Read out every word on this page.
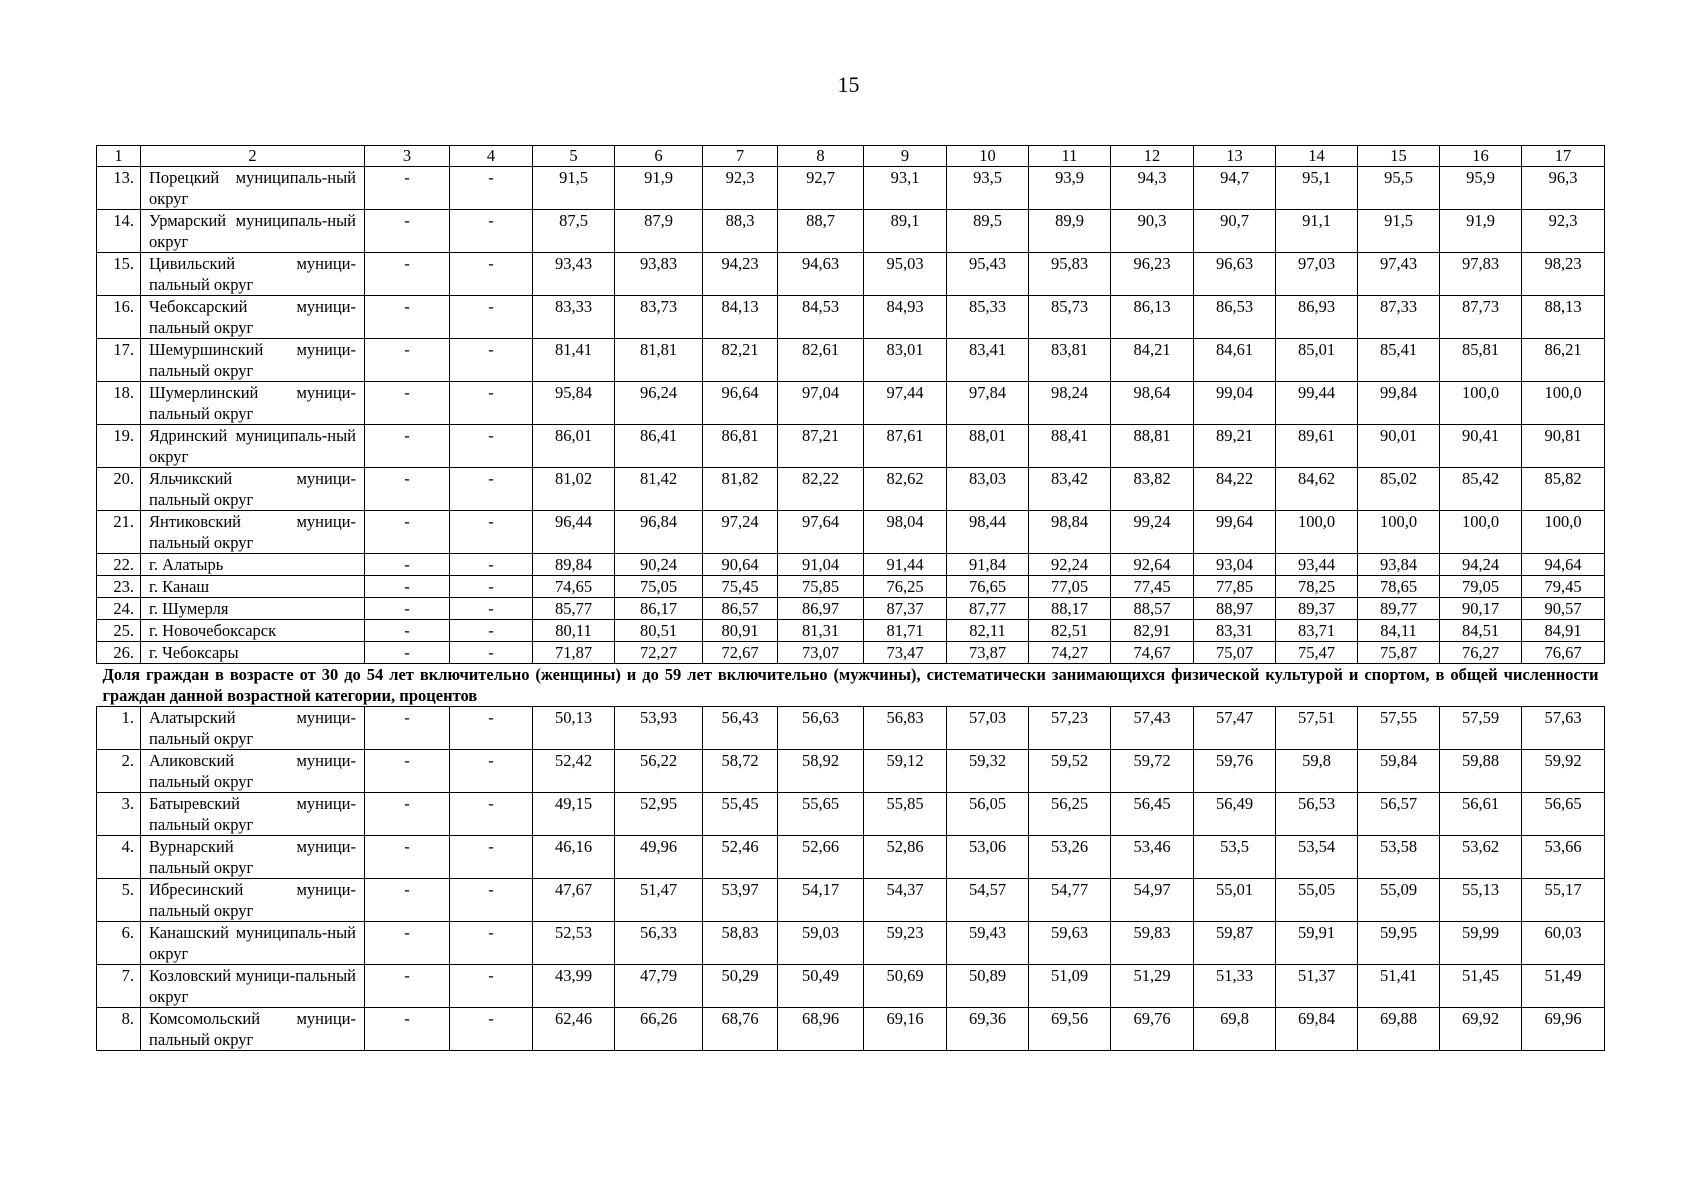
15
1	2	3	4	5	6	7	8	9	10	11	12	13	14	15	16	17
13.	Порецкий муниципаль-ный округ	-	-	91,5	91,9	92,3	92,7	93,1	93,5	93,9	94,3	94,7	95,1	95,5	95,9	96,3
14.	Урмарский муниципаль-ный округ	-	-	87,5	87,9	88,3	88,7	89,1	89,5	89,9	90,3	90,7	91,1	91,5	91,9	92,3
15.	Цивильский муници-пальный округ	-	-	93,43	93,83	94,23	94,63	95,03	95,43	95,83	96,23	96,63	97,03	97,43	97,83	98,23
16.	Чебоксарский муници-пальный округ	-	-	83,33	83,73	84,13	84,53	84,93	85,33	85,73	86,13	86,53	86,93	87,33	87,73	88,13
17.	Шемуршинский муници-пальный округ	-	-	81,41	81,81	82,21	82,61	83,01	83,41	83,81	84,21	84,61	85,01	85,41	85,81	86,21
18.	Шумерлинский муници-пальный округ	-	-	95,84	96,24	96,64	97,04	97,44	97,84	98,24	98,64	99,04	99,44	99,84	100,0	100,0
19.	Ядринский муниципаль-ный округ	-	-	86,01	86,41	86,81	87,21	87,61	88,01	88,41	88,81	89,21	89,61	90,01	90,41	90,81
20.	Яльчикский муници-пальный округ	-	-	81,02	81,42	81,82	82,22	82,62	83,03	83,42	83,82	84,22	84,62	85,02	85,42	85,82
21.	Янтиковский муници-пальный округ	-	-	96,44	96,84	97,24	97,64	98,04	98,44	98,84	99,24	99,64	100,0	100,0	100,0	100,0
22.	г. Алатырь	-	-	89,84	90,24	90,64	91,04	91,44	91,84	92,24	92,64	93,04	93,44	93,84	94,24	94,64
23.	г. Канаш	-	-	74,65	75,05	75,45	75,85	76,25	76,65	77,05	77,45	77,85	78,25	78,65	79,05	79,45
24.	г. Шумерля	-	-	85,77	86,17	86,57	86,97	87,37	87,77	88,17	88,57	88,97	89,37	89,77	90,17	90,57
25.	г. Новочебоксарск	-	-	80,11	80,51	80,91	81,31	81,71	82,11	82,51	82,91	83,31	83,71	84,11	84,51	84,91
26.	г. Чебоксары	-	-	71,87	72,27	72,67	73,07	73,47	73,87	74,27	74,67	75,07	75,47	75,87	76,27	76,67
Доля граждан в возрасте от 30 до 54 лет включительно (женщины) и до 59 лет включительно (мужчины), систематически занимающихся физической культурой и спортом, в общей численности граждан данной возрастной категории, процентов																
1.	Алатырский муници-пальный округ	-	-	50,13	53,93	56,43	56,63	56,83	57,03	57,23	57,43	57,47	57,51	57,55	57,59	57,63
2.	Аликовский муници-пальный округ	-	-	52,42	56,22	58,72	58,92	59,12	59,32	59,52	59,72	59,76	59,8	59,84	59,88	59,92
3.	Батыревский муници-пальный округ	-	-	49,15	52,95	55,45	55,65	55,85	56,05	56,25	56,45	56,49	56,53	56,57	56,61	56,65
4.	Вурнарский муници-пальный округ	-	-	46,16	49,96	52,46	52,66	52,86	53,06	53,26	53,46	53,5	53,54	53,58	53,62	53,66
5.	Ибресинский муници-пальный округ	-	-	47,67	51,47	53,97	54,17	54,37	54,57	54,77	54,97	55,01	55,05	55,09	55,13	55,17
6.	Канашский муниципаль-ный округ	-	-	52,53	56,33	58,83	59,03	59,23	59,43	59,63	59,83	59,87	59,91	59,95	59,99	60,03
7.	Козловский муници-пальный округ	-	-	43,99	47,79	50,29	50,49	50,69	50,89	51,09	51,29	51,33	51,37	51,41	51,45	51,49
8.	Комсомольский муници-пальный округ	-	-	62,46	66,26	68,76	68,96	69,16	69,36	69,56	69,76	69,8	69,84	69,88	69,92	69,96
